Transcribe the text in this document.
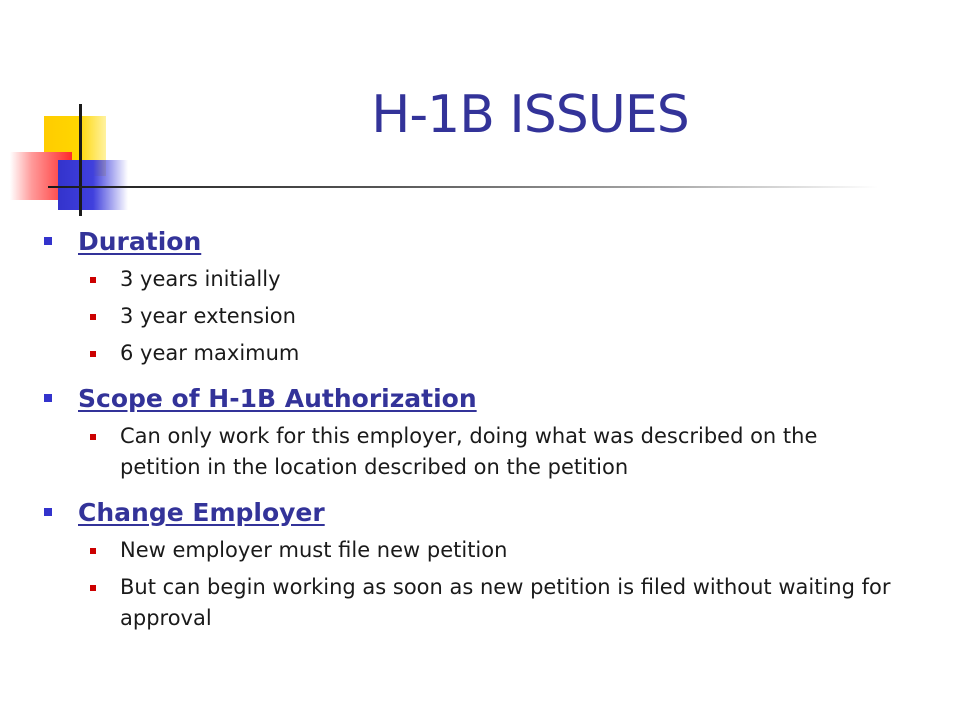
H-1B ISSUES
Duration
3 years initially
3 year extension
6 year maximum
Scope of H-1B Authorization
Can only work for this employer, doing what was described on the petition in the location described on the petition
Change Employer
New employer must file new petition
But can begin working as soon as new petition is filed without waiting for approval
